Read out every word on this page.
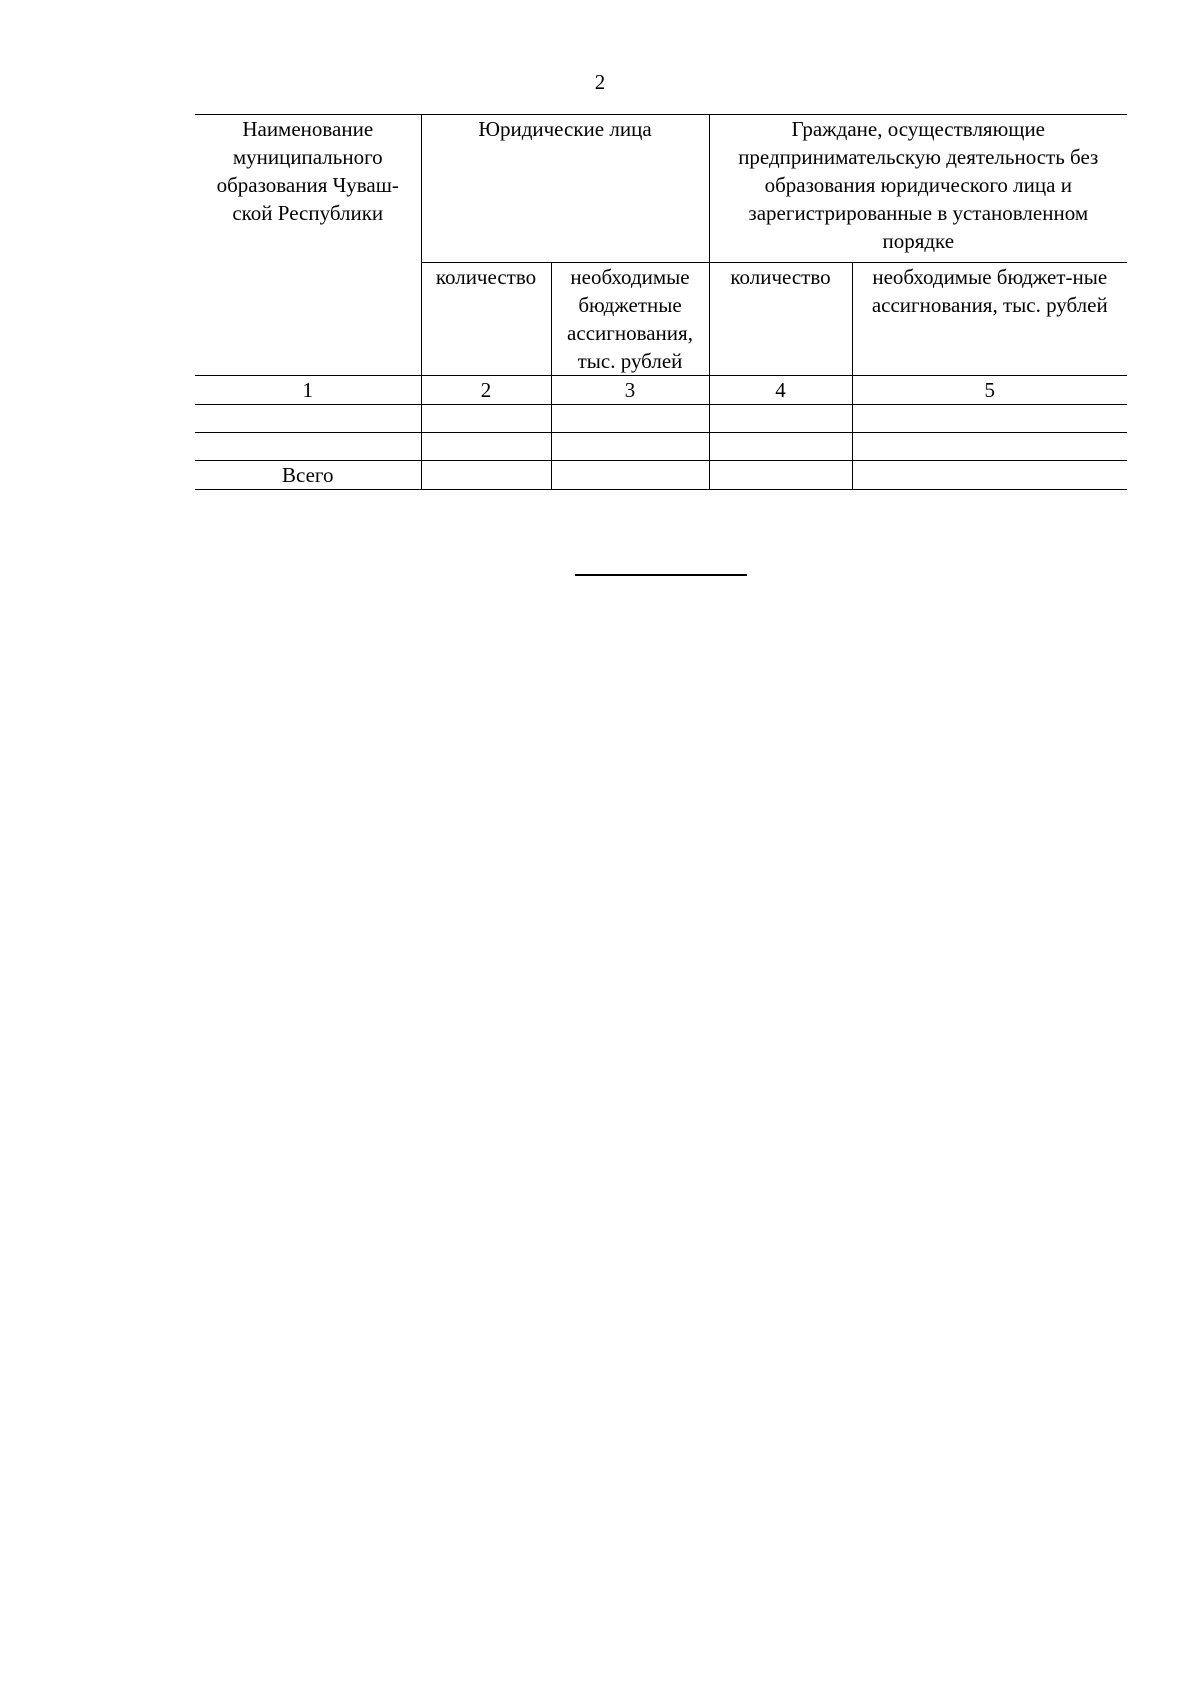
2
Наименование муниципального образования Чуваш-ской Республики	Юридические лица		Граждане, осуществляющие предпринимательскую деятельность без образования юридического лица и зарегистрированные в установленном порядке	
	количество	необходимые бюджетные ассигнования, тыс. рублей	количество	необходимые бюджет-ные ассигнования, тыс. рублей
1	2	3	4	5

Всего				
